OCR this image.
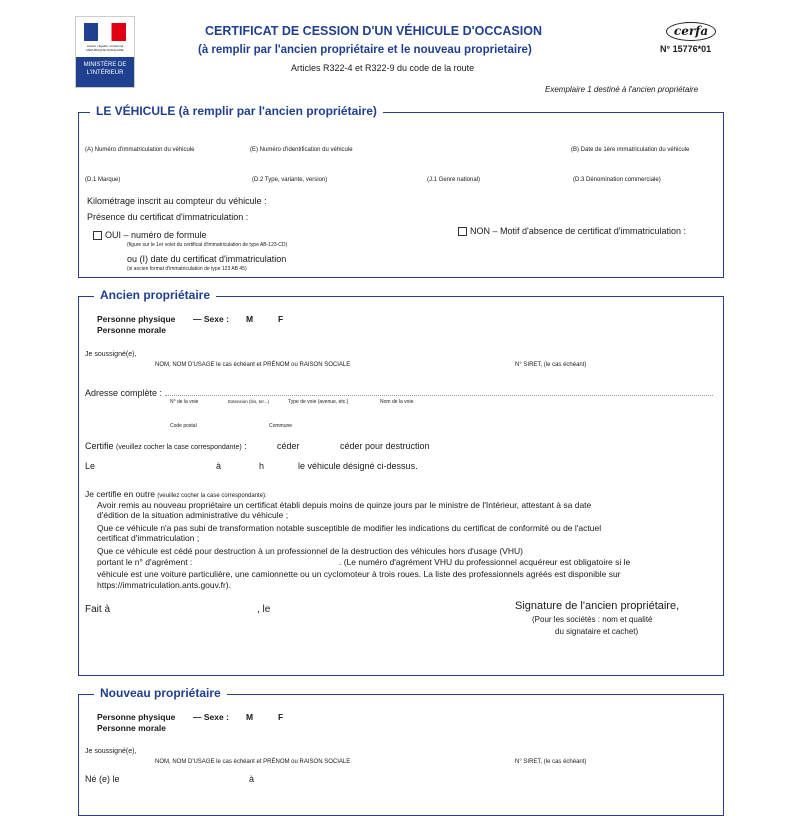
Liberté • Égalité • Fraternité RÉPUBLIQUE FRANÇAISE
MINISTÈRE DE L'INTÉRIEUR
CERTIFICAT DE CESSION D'UN VÉHICULE D'OCCASION
(à remplir par l'ancien propriétaire et le nouveau proprietaire)
Articles R322-4 et R322-9 du code de la route
cerfa
N° 15776*01
Exemplaire 1 destiné à l'ancien propriétaire
LE VÉHICULE (à remplir par l'ancien propriétaire)
(A) Numéro d'immatriculation du véhicule	(E) Numéro d'identification du véhicule	(B) Date de 1ère immatriculation du véhicule
(D.1 Marque)	(D.2 Type, variante, version)	(J.1 Genre national)	(D.3 Dénomination commerciale)
Kilométrage inscrit au compteur du véhicule :
Présence du certificat d'immatriculation :
OUI – numéro de formule
(figure sur le 1er volet du certificat d'immatriculation de type AB-123-CD)
ou (I) date du certificat d'immatriculation
(si ancien format d'immatriculation de type 123 AB 45)
NON – Motif d'absence de certificat d'immatriculation :
Ancien propriétaire
Personne physique — Sexe : M	F
Personne morale
Je soussigné(e),
NOM, NOM D'USAGE le cas échéant et PRÉNOM ou RAISON SOCIALE	N° SIRET, (le cas échéant)
Adresse complète :
N° de la voie	Extension (bis, ter...)	Type de voie (avenue, etc.)	Nom de la voie
Code postal	Commune
Certifie (veuillez cocher la case correspondante) :	céder	céder pour destruction
Le	à	h	le véhicule désigné ci-dessus.
Je certifie en outre (veuillez cocher la case correspondante):
Avoir remis au nouveau propriétaire un certificat établi depuis moins de quinze jours par le ministre de l'Intérieur, attestant à sa date
d'édition de la situation administrative du véhicule ;
Que ce véhicule n'a pas subi de transformation notable susceptible de modifier les indications du certificat de conformité ou de l'actuel
certificat d'immatriculation ;
Que ce véhicule est cédé pour destruction à un professionnel de la destruction des véhicules hors d'usage (VHU)
portant le n° d'agrément :	. (Le numéro d'agrément VHU du professionnel acquéreur est obligatoire si le
véhicule est une voiture particulière, une camionnette ou un cyclomoteur à trois roues. La liste des professionnels agréés est disponible sur
https://immatriculation.ants.gouv.fr).
Fait à	, le	Signature de l'ancien propriétaire,
(Pour les sociétés : nom et qualité
du signataire et cachet)
Nouveau propriétaire
Personne physique — Sexe : M	F
Personne morale
Je soussigné(e),
NOM, NOM D'USAGE le cas échéant et PRÉNOM ou RAISON SOCIALE	N° SIRET, (le cas échéant)
Né (e) le	à
